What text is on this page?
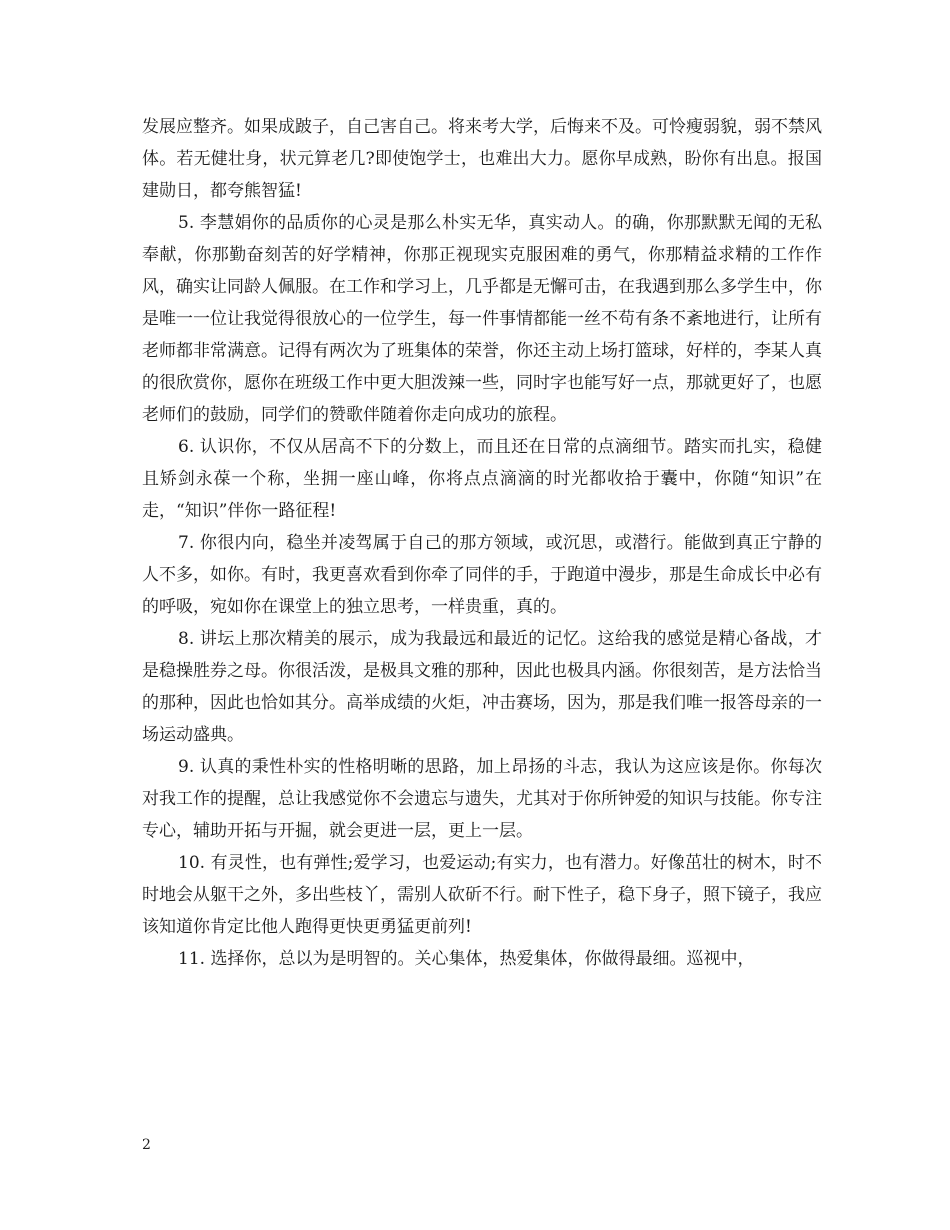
发展应整齐。如果成跛子，自己害自己。将来考大学，后悔来不及。可怜瘦弱貌，弱不禁风体。若无健壮身，状元算老几?即使饱学士，也难出大力。愿你早成熟，盼你有出息。报国建勋日，都夸熊智猛!

5. 李慧娟你的品质你的心灵是那么朴实无华，真实动人。的确，你那默默无闻的无私奉献，你那勤奋刻苦的好学精神，你那正视现实克服困难的勇气，你那精益求精的工作作风，确实让同龄人佩服。在工作和学习上，几乎都是无懈可击，在我遇到那么多学生中，你是唯一一位让我觉得很放心的一位学生，每一件事情都能一丝不苟有条不紊地进行，让所有老师都非常满意。记得有两次为了班集体的荣誉，你还主动上场打篮球，好样的，李某人真的很欣赏你，愿你在班级工作中更大胆泼辣一些，同时字也能写好一点，那就更好了，也愿老师们的鼓励，同学们的赞歌伴随着你走向成功的旅程。

6. 认识你，不仅从居高不下的分数上，而且还在日常的点滴细节。踏实而扎实，稳健且矫剑永葆一个称，坐拥一座山峰，你将点点滴滴的时光都收拾于囊中，你随“知识”在走，“知识”伴你一路征程!

7. 你很内向，稳坐并凌驾属于自己的那方领域，或沉思，或潜行。能做到真正宁静的人不多，如你。有时，我更喜欢看到你牵了同伴的手，于跑道中漫步，那是生命成长中必有的呼吸，宛如你在课堂上的独立思考，一样贵重，真的。

8. 讲坛上那次精美的展示，成为我最远和最近的记忆。这给我的感觉是精心备战，才是稳操胜券之母。你很活泼，是极具文雅的那种，因此也极具内涵。你很刻苦，是方法恰当的那种，因此也恰如其分。高举成绩的火炬，冲击赛场，因为，那是我们唯一报答母亲的一场运动盛典。

9. 认真的秉性朴实的性格明晰的思路，加上昂扬的斗志，我认为这应该是你。你每次对我工作的提醒，总让我感觉你不会遗忘与遗失，尤其对于你所钟爱的知识与技能。你专注专心，辅助开拓与开掘，就会更进一层，更上一层。

10. 有灵性，也有弹性;爱学习，也爱运动;有实力，也有潜力。好像茁壮的树木，时不时地会从躯干之外，多出些枝丫，需别人砍斫不行。耐下性子，稳下身子，照下镜子，我应该知道你肯定比他人跑得更快更勇猛更前列!

11. 选择你，总以为是明智的。关心集体，热爱集体，你做得最细。巡视中，

2
